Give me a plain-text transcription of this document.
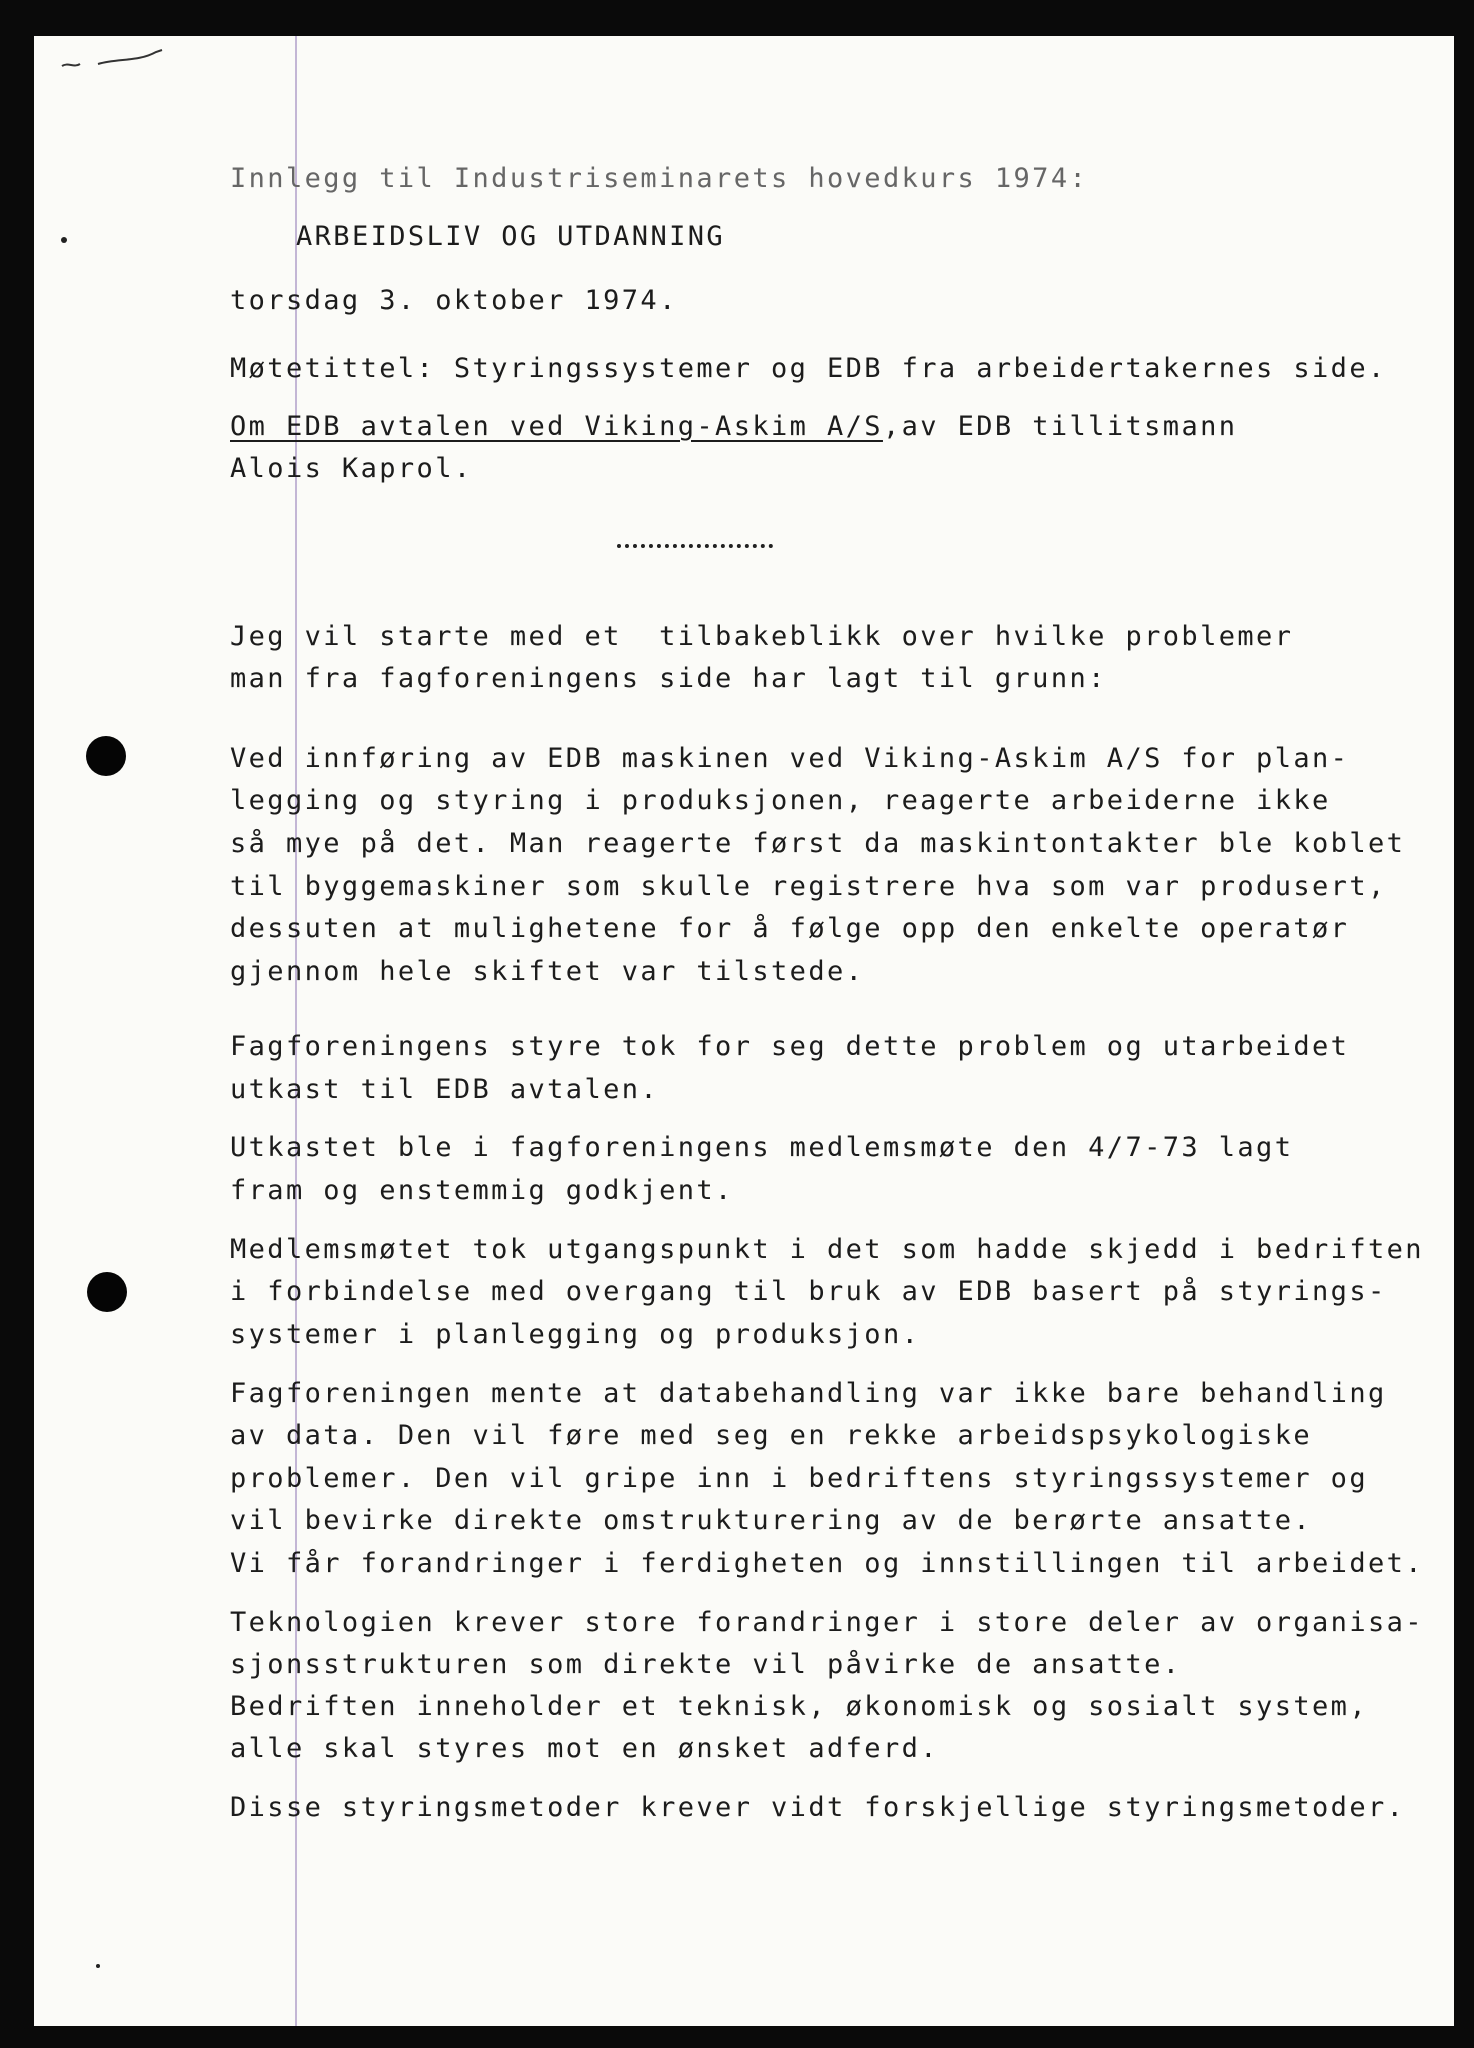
Innlegg til Industriseminarets hovedkurs 1974:

ARBEIDSLIV OG UTDANNING

torsdag 3. oktober 1974.

Møtetittel: Styringssystemer og EDB fra arbeidertakernes side.

Om EDB avtalen ved Viking-Askim A/S,av EDB tillitsmann

Alois Kaprol.

Jeg vil starte med et  tilbakeblikk over hvilke problemer

man fra fagforeningens side har lagt til grunn:

Ved innføring av EDB maskinen ved Viking-Askim A/S for plan-

legging og styring i produksjonen, reagerte arbeiderne ikke

så mye på det. Man reagerte først da maskintontakter ble koblet

til byggemaskiner som skulle registrere hva som var produsert,

dessuten at mulighetene for å følge opp den enkelte operatør

gjennom hele skiftet var tilstede.

Fagforeningens styre tok for seg dette problem og utarbeidet

utkast til EDB avtalen.

Utkastet ble i fagforeningens medlemsmøte den 4/7-73 lagt

fram og enstemmig godkjent.

Medlemsmøtet tok utgangspunkt i det som hadde skjedd i bedriften

i forbindelse med overgang til bruk av EDB basert på styrings-

systemer i planlegging og produksjon.

Fagforeningen mente at databehandling var ikke bare behandling

av data. Den vil føre med seg en rekke arbeidspsykologiske

problemer. Den vil gripe inn i bedriftens styringssystemer og

vil bevirke direkte omstrukturering av de berørte ansatte.

Vi får forandringer i ferdigheten og innstillingen til arbeidet.

Teknologien krever store forandringer i store deler av organisa-

sjonsstrukturen som direkte vil påvirke de ansatte.

Bedriften inneholder et teknisk, økonomisk og sosialt system,

alle skal styres mot en ønsket adferd.

Disse styringsmetoder krever vidt forskjellige styringsmetoder.
